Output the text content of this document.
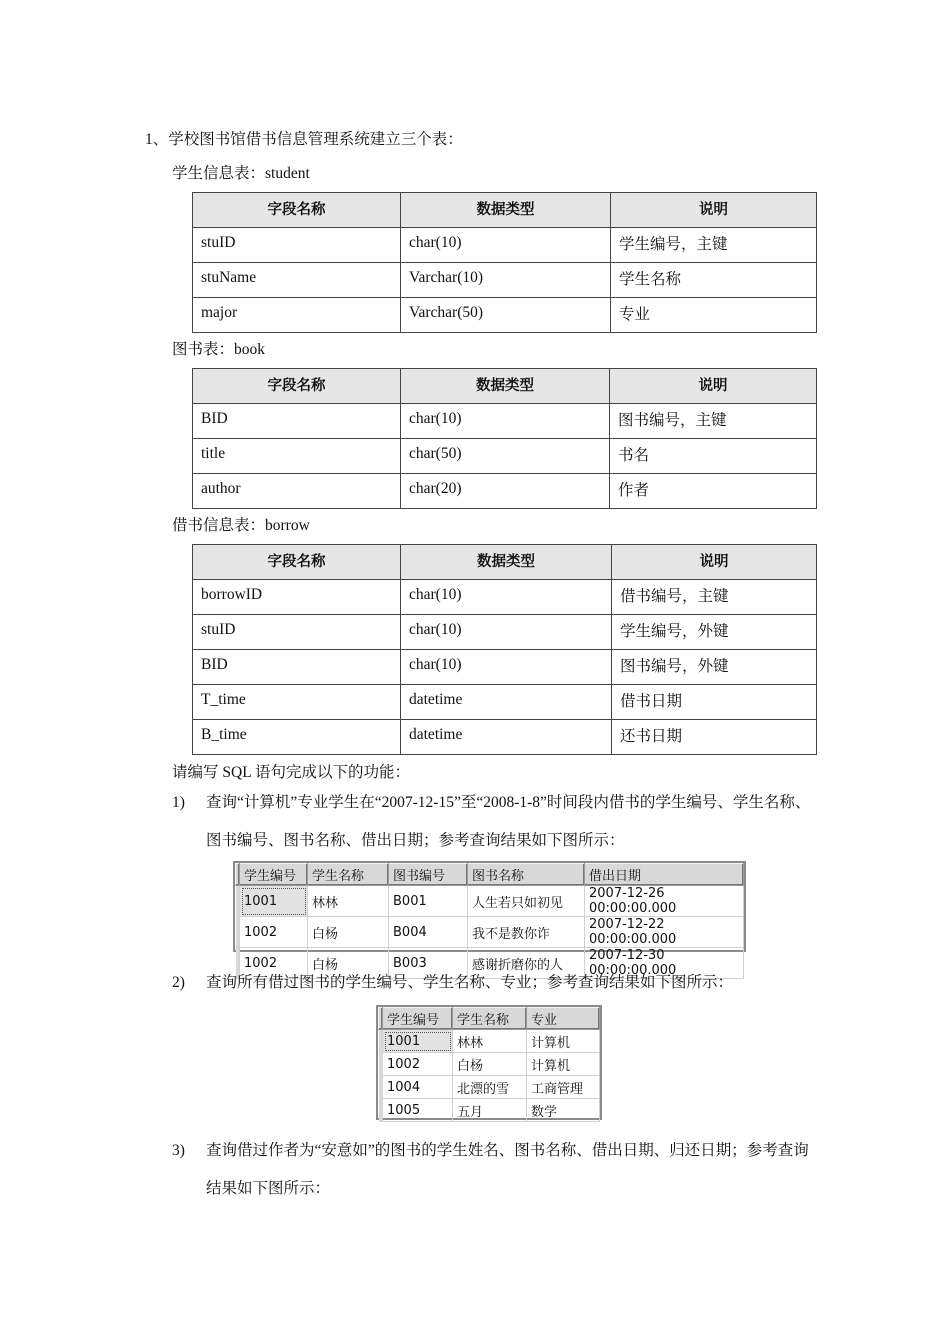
1、学校图书馆借书信息管理系统建立三个表：
学生信息表：student
字段名称	数据类型	说明
stuID	char(10)	学生编号，主键
stuName	Varchar(10)	学生名称
major	Varchar(50)	专业
图书表：book
字段名称	数据类型	说明
BID	char(10)	图书编号，主键
title	char(50)	书名
author	char(20)	作者
借书信息表：borrow
字段名称	数据类型	说明
borrowID	char(10)	借书编号，主键
stuID	char(10)	学生编号，外键
BID	char(10)	图书编号，外键
T_time	datetime	借书日期
B_time	datetime	还书日期
请编写 SQL 语句完成以下的功能：
1) 查询“计算机”专业学生在“2007-12-15”至“2008-1-8”时间段内借书的学生编号、学生名称、图书编号、图书名称、借出日期；参考查询结果如下图所示：
	学生编号	学生名称	图书编号	图书名称	借出日期
	1001	林林	B001	人生若只如初见	2007-12-26 00:00:00.000
	1002	白杨	B004	我不是教你诈	2007-12-22 00:00:00.000
	1002	白杨	B003	感谢折磨你的人	2007-12-30 00:00:00.000
2) 查询所有借过图书的学生编号、学生名称、专业；参考查询结果如下图所示：
	学生编号	学生名称	专业
	1001	林林	计算机
	1002	白杨	计算机
	1004	北漂的雪	工商管理
	1005	五月	数学
3) 查询借过作者为“安意如”的图书的学生姓名、图书名称、借出日期、归还日期；参考查询结果如下图所示：
